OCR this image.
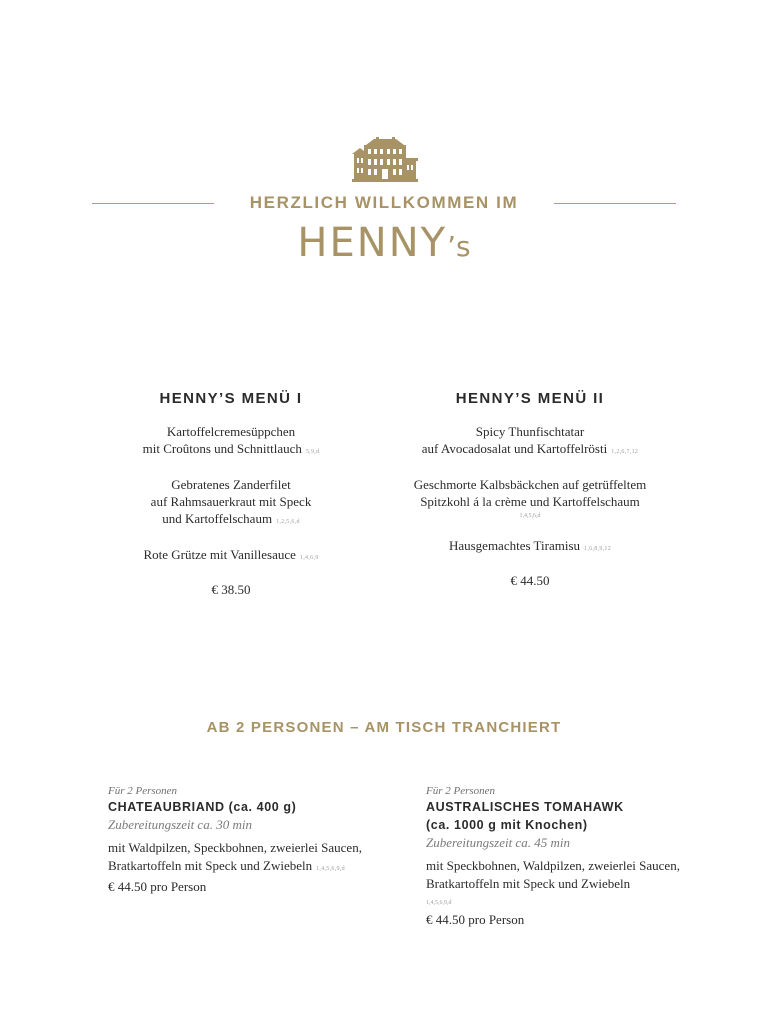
HERZLICH WILLKOMMEN IM
HENNY’s
HENNY’S MENÜ I
Kartoffelcremesüppchen
mit Croûtons und Schnittlauch 5,9,d
Gebratenes Zanderfilet
auf Rahmsauerkraut mit Speck
und Kartoffelschaum 1,2,5,6,d
Rote Grütze mit Vanillesauce 1,4,6,9
€ 38.50
HENNY’S MENÜ II
Spicy Thunfischtatar
auf Avocadosalat und Kartoffelrösti 1,2,6,7,12
Geschmorte Kalbsbäckchen auf getrüffeltem
Spitzkohl á la crème und Kartoffelschaum
1,4,5,6,d
Hausgemachtes Tiramisu 1,6,8,9,12
€ 44.50
AB 2 PERSONEN – AM TISCH TRANCHIERT
Für 2 Personen
CHATEAUBRIAND (ca. 400 g)
Zubereitungszeit ca. 30 min
mit Waldpilzen, Speckbohnen, zweierlei Saucen,
Bratkartoffeln mit Speck und Zwiebeln 1,4,5,6,9,d
€ 44.50 pro Person
Für 2 Personen
AUSTRALISCHES TOMAHAWK
(ca. 1000 g mit Knochen)
Zubereitungszeit ca. 45 min
mit Speckbohnen, Waldpilzen, zweierlei Saucen,
Bratkartoffeln mit Speck und Zwiebeln
1,4,5,6,9,d
€ 44.50 pro Person
